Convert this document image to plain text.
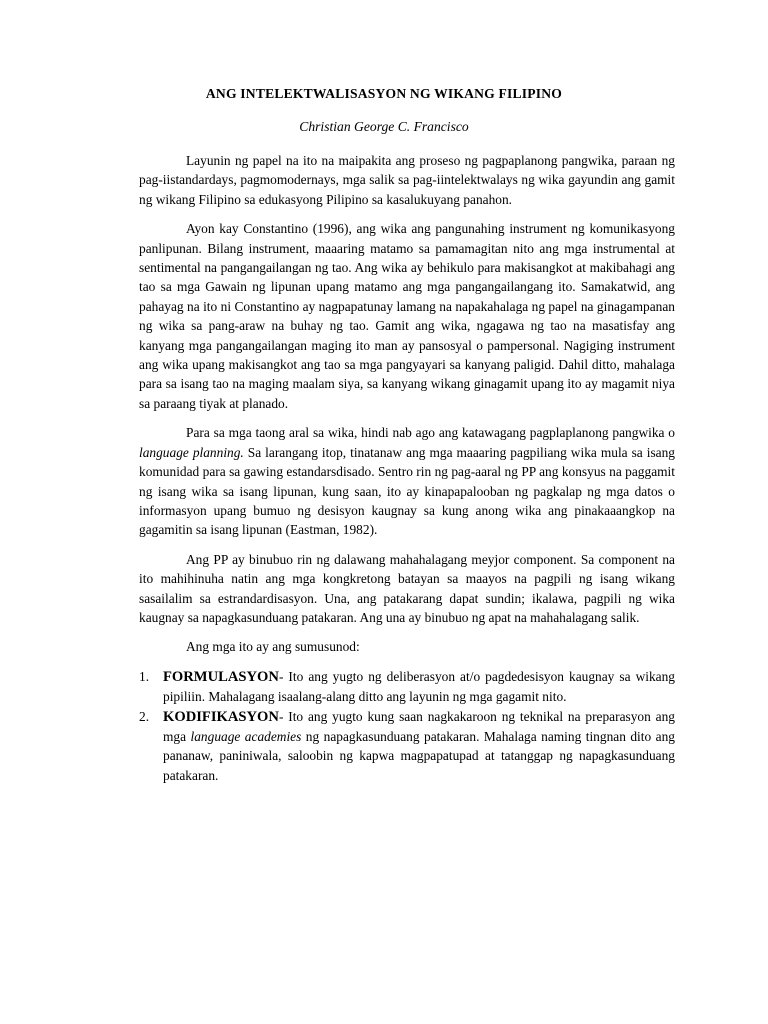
ANG INTELEKTWALISASYON NG WIKANG FILIPINO
Christian George C. Francisco

Layunin ng papel na ito na maipakita ang proseso ng pagpaplanong pangwika, paraan ng pag-iistandardays, pagmomodernays, mga salik sa pag-iintelektwalays ng wika gayundin ang gamit ng wikang Filipino sa edukasyong Pilipino sa kasalukuyang panahon.

Ayon kay Constantino (1996), ang wika ang pangunahing instrument ng komunikasyong panlipunan. Bilang instrument, maaaring matamo sa pamamagitan nito ang mga instrumental at sentimental na pangangailangan ng tao. Ang wika ay behikulo para makisangkot at makibahagi ang tao sa mga Gawain ng lipunan upang matamo ang mga pangangailangang ito. Samakatwid, ang pahayag na ito ni Constantino ay nagpapatunay lamang na napakahalaga ng papel na ginagampanan ng wika sa pang-araw na buhay ng tao. Gamit ang wika, ngagawa ng tao na masatisfay ang kanyang mga pangangailangan maging ito man ay pansosyal o pampersonal. Nagiging instrument ang wika upang makisangkot ang tao sa mga pangyayari sa kanyang paligid. Dahil ditto, mahalaga para sa isang tao na maging maalam siya, sa kanyang wikang ginagamit upang ito ay magamit niya sa paraang tiyak at planado.

Para sa mga taong aral sa wika, hindi nab ago ang katawagang pagplaplanong pangwika o language planning. Sa larangang itop, tinatanaw ang mga maaaring pagpiliang wika mula sa isang komunidad para sa gawing estandarsdisado. Sentro rin ng pag-aaral ng PP ang konsyus na paggamit ng isang wika sa isang lipunan, kung saan, ito ay kinapapalooban ng pagkalap ng mga datos o informasyon upang bumuo ng desisyon kaugnay sa kung anong wika ang pinakaaangkop na gagamitin sa isang lipunan (Eastman, 1982).

Ang PP ay binubuo rin ng dalawang mahahalagang meyjor component. Sa component na ito mahihinuha natin ang mga kongkretong batayan sa maayos na pagpili ng isang wikang sasailalim sa estrandardisasyon. Una, ang patakarang dapat sundin; ikalawa, pagpili ng wika kaugnay sa napagkasunduang patakaran. Ang una ay binubuo ng apat na mahahalagang salik.

Ang mga ito ay ang sumusunod:

1. FORMULASYON- Ito ang yugto ng deliberasyon at/o pagdedesisyon kaugnay sa wikang pipiliin. Mahalagang isaalang-alang ditto ang layunin ng mga gagamit nito.
2. KODIFIKASYON- Ito ang yugto kung saan nagkakaroon ng teknikal na preparasyon ang mga language academies ng napagkasunduang patakaran. Mahalaga naming tingnan dito ang pananaw, paniniwala, saloobin ng kapwa magpapatupad at tatanggap ng napagkasunduang patakaran.
